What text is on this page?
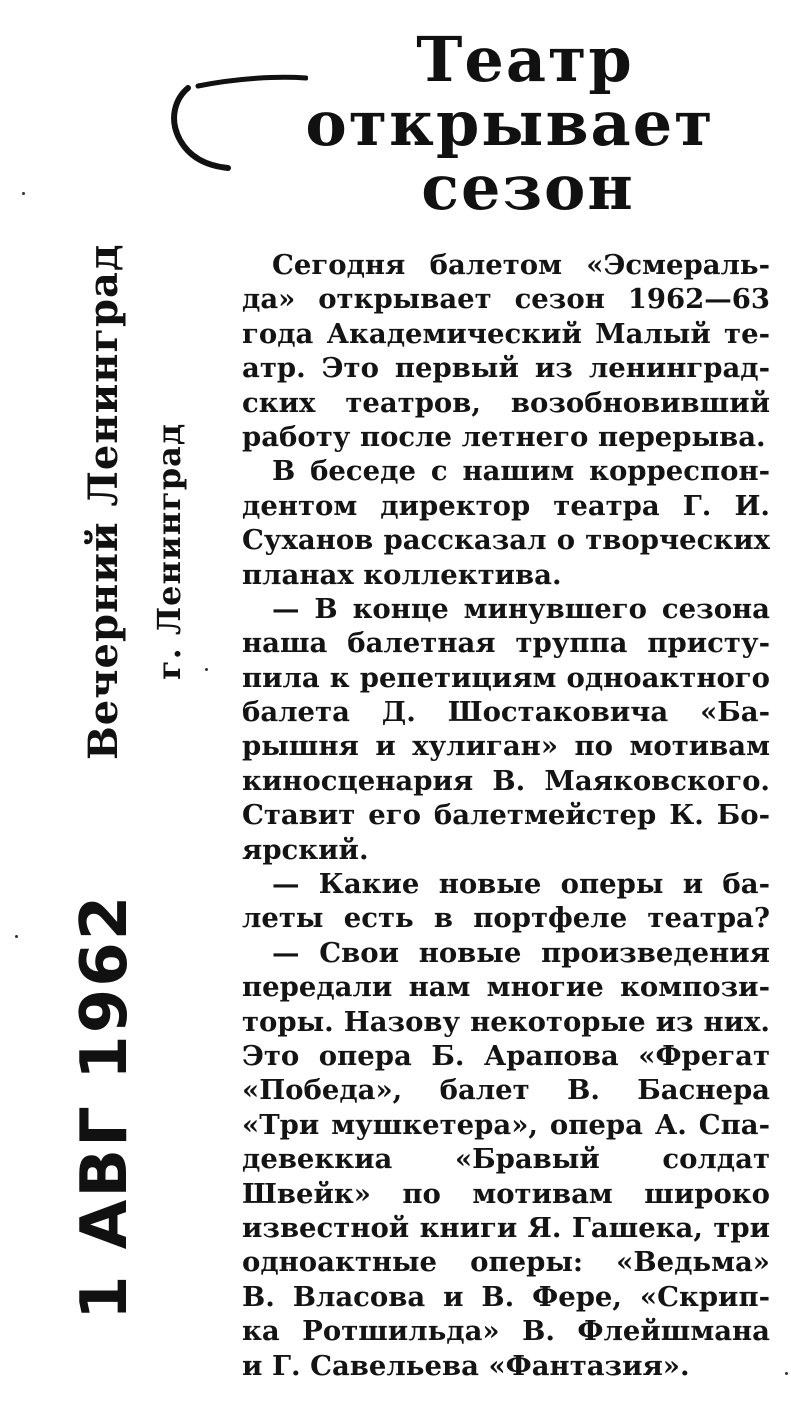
Театр
открывает
сезон
Вечерний Ленинград г. Ленинград
1 АВГ 1962
Сегодня балетом «Эсмераль-
да» открывает сезон 1962—63
года Академический Малый те-
атр. Это первый из ленинград-
ских театров, возобновивший
работу после летнего перерыва.
В беседе с нашим корреспон-
дентом директор театра Г. И.
Суханов рассказал о творческих
планах коллектива.
— В конце минувшего сезона
наша балетная труппа присту-
пила к репетициям одноактного
балета Д. Шостаковича «Ба-
рышня и хулиган» по мотивам
киносценария В. Маяковского.
Ставит его балетмейстер К. Бо-
ярский.
— Какие новые оперы и ба-
леты есть в портфеле театра?
— Свои новые произведения
передали нам многие компози-
торы. Назову некоторые из них.
Это опера Б. Арапова «Фрегат
«Победа», балет В. Баснера
«Три мушкетера», опера А. Спа-
девеккиа «Бравый солдат
Швейк» по мотивам широко
известной книги Я. Гашека, три
одноактные оперы: «Ведьма»
В. Власова и В. Фере, «Скрип-
ка Ротшильда» В. Флейшмана
и Г. Савельева «Фантазия».
